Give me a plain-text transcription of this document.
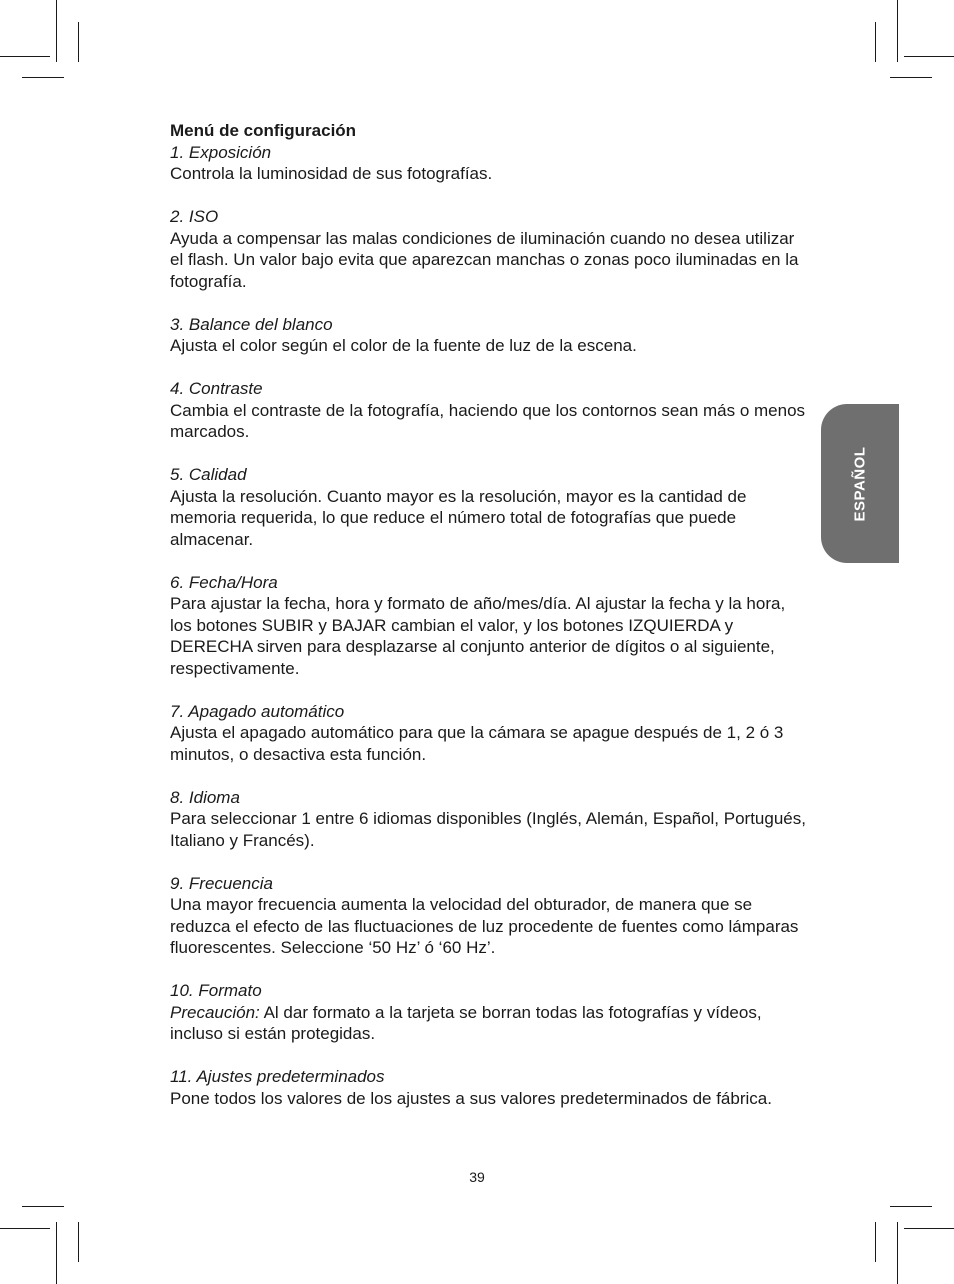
Menú de configuración
1. Exposición

Controla la luminosidad de sus fotografías.

2. ISO

Ayuda a compensar las malas condiciones de iluminación cuando no desea utilizar el flash. Un valor bajo evita que aparezcan manchas o zonas poco iluminadas en la fotografía.

3. Balance del blanco

Ajusta el color según el color de la fuente de luz de la escena.

4. Contraste

Cambia el contraste de la fotografía, haciendo que los contornos sean más o menos marcados.

5. Calidad

Ajusta la resolución. Cuanto mayor es la resolución, mayor es la cantidad de memoria requerida, lo que reduce el número total de fotografías que puede almacenar.

6. Fecha/Hora

Para ajustar la fecha, hora y formato de año/mes/día. Al ajustar la fecha y la hora, los botones SUBIR y BAJAR cambian el valor, y los botones IZQUIERDA y DERECHA sirven para desplazarse al conjunto anterior de dígitos o al siguiente, respectivamente.

7. Apagado automático

Ajusta el apagado automático para que la cámara se apague después de 1, 2 ó 3 minutos, o desactiva esta función.

8. Idioma

Para seleccionar 1 entre 6 idiomas disponibles (Inglés, Alemán, Español, Portugués, Italiano y Francés).

9. Frecuencia

Una mayor frecuencia aumenta la velocidad del obturador, de manera que se reduzca el efecto de las fluctuaciones de luz procedente de fuentes como lámparas fluorescentes. Seleccione ‘50 Hz’ ó ‘60 Hz’.

10. Formato

Precaución: Al dar formato a la tarjeta se borran todas las fotografías y vídeos, incluso si están protegidas.

11. Ajustes predeterminados

Pone todos los valores de los ajustes a sus valores predeterminados de fábrica.

ESPAÑOL
39
